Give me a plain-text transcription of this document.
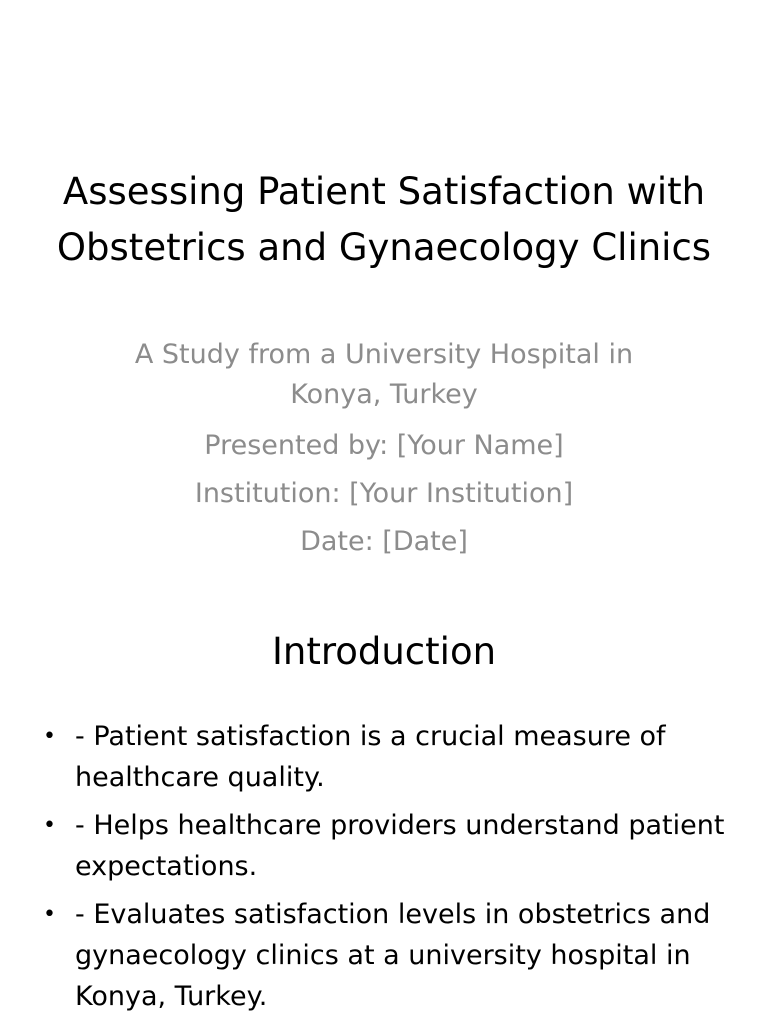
Assessing Patient Satisfaction with Obstetrics and Gynaecology Clinics
A Study from a University Hospital in Konya, Turkey
Presented by: [Your Name]
Institution: [Your Institution]
Date: [Date]
Introduction
• - Patient satisfaction is a crucial measure of healthcare quality.
• - Helps healthcare providers understand patient expectations.
• - Evaluates satisfaction levels in obstetrics and gynaecology clinics at a university hospital in Konya, Turkey.
